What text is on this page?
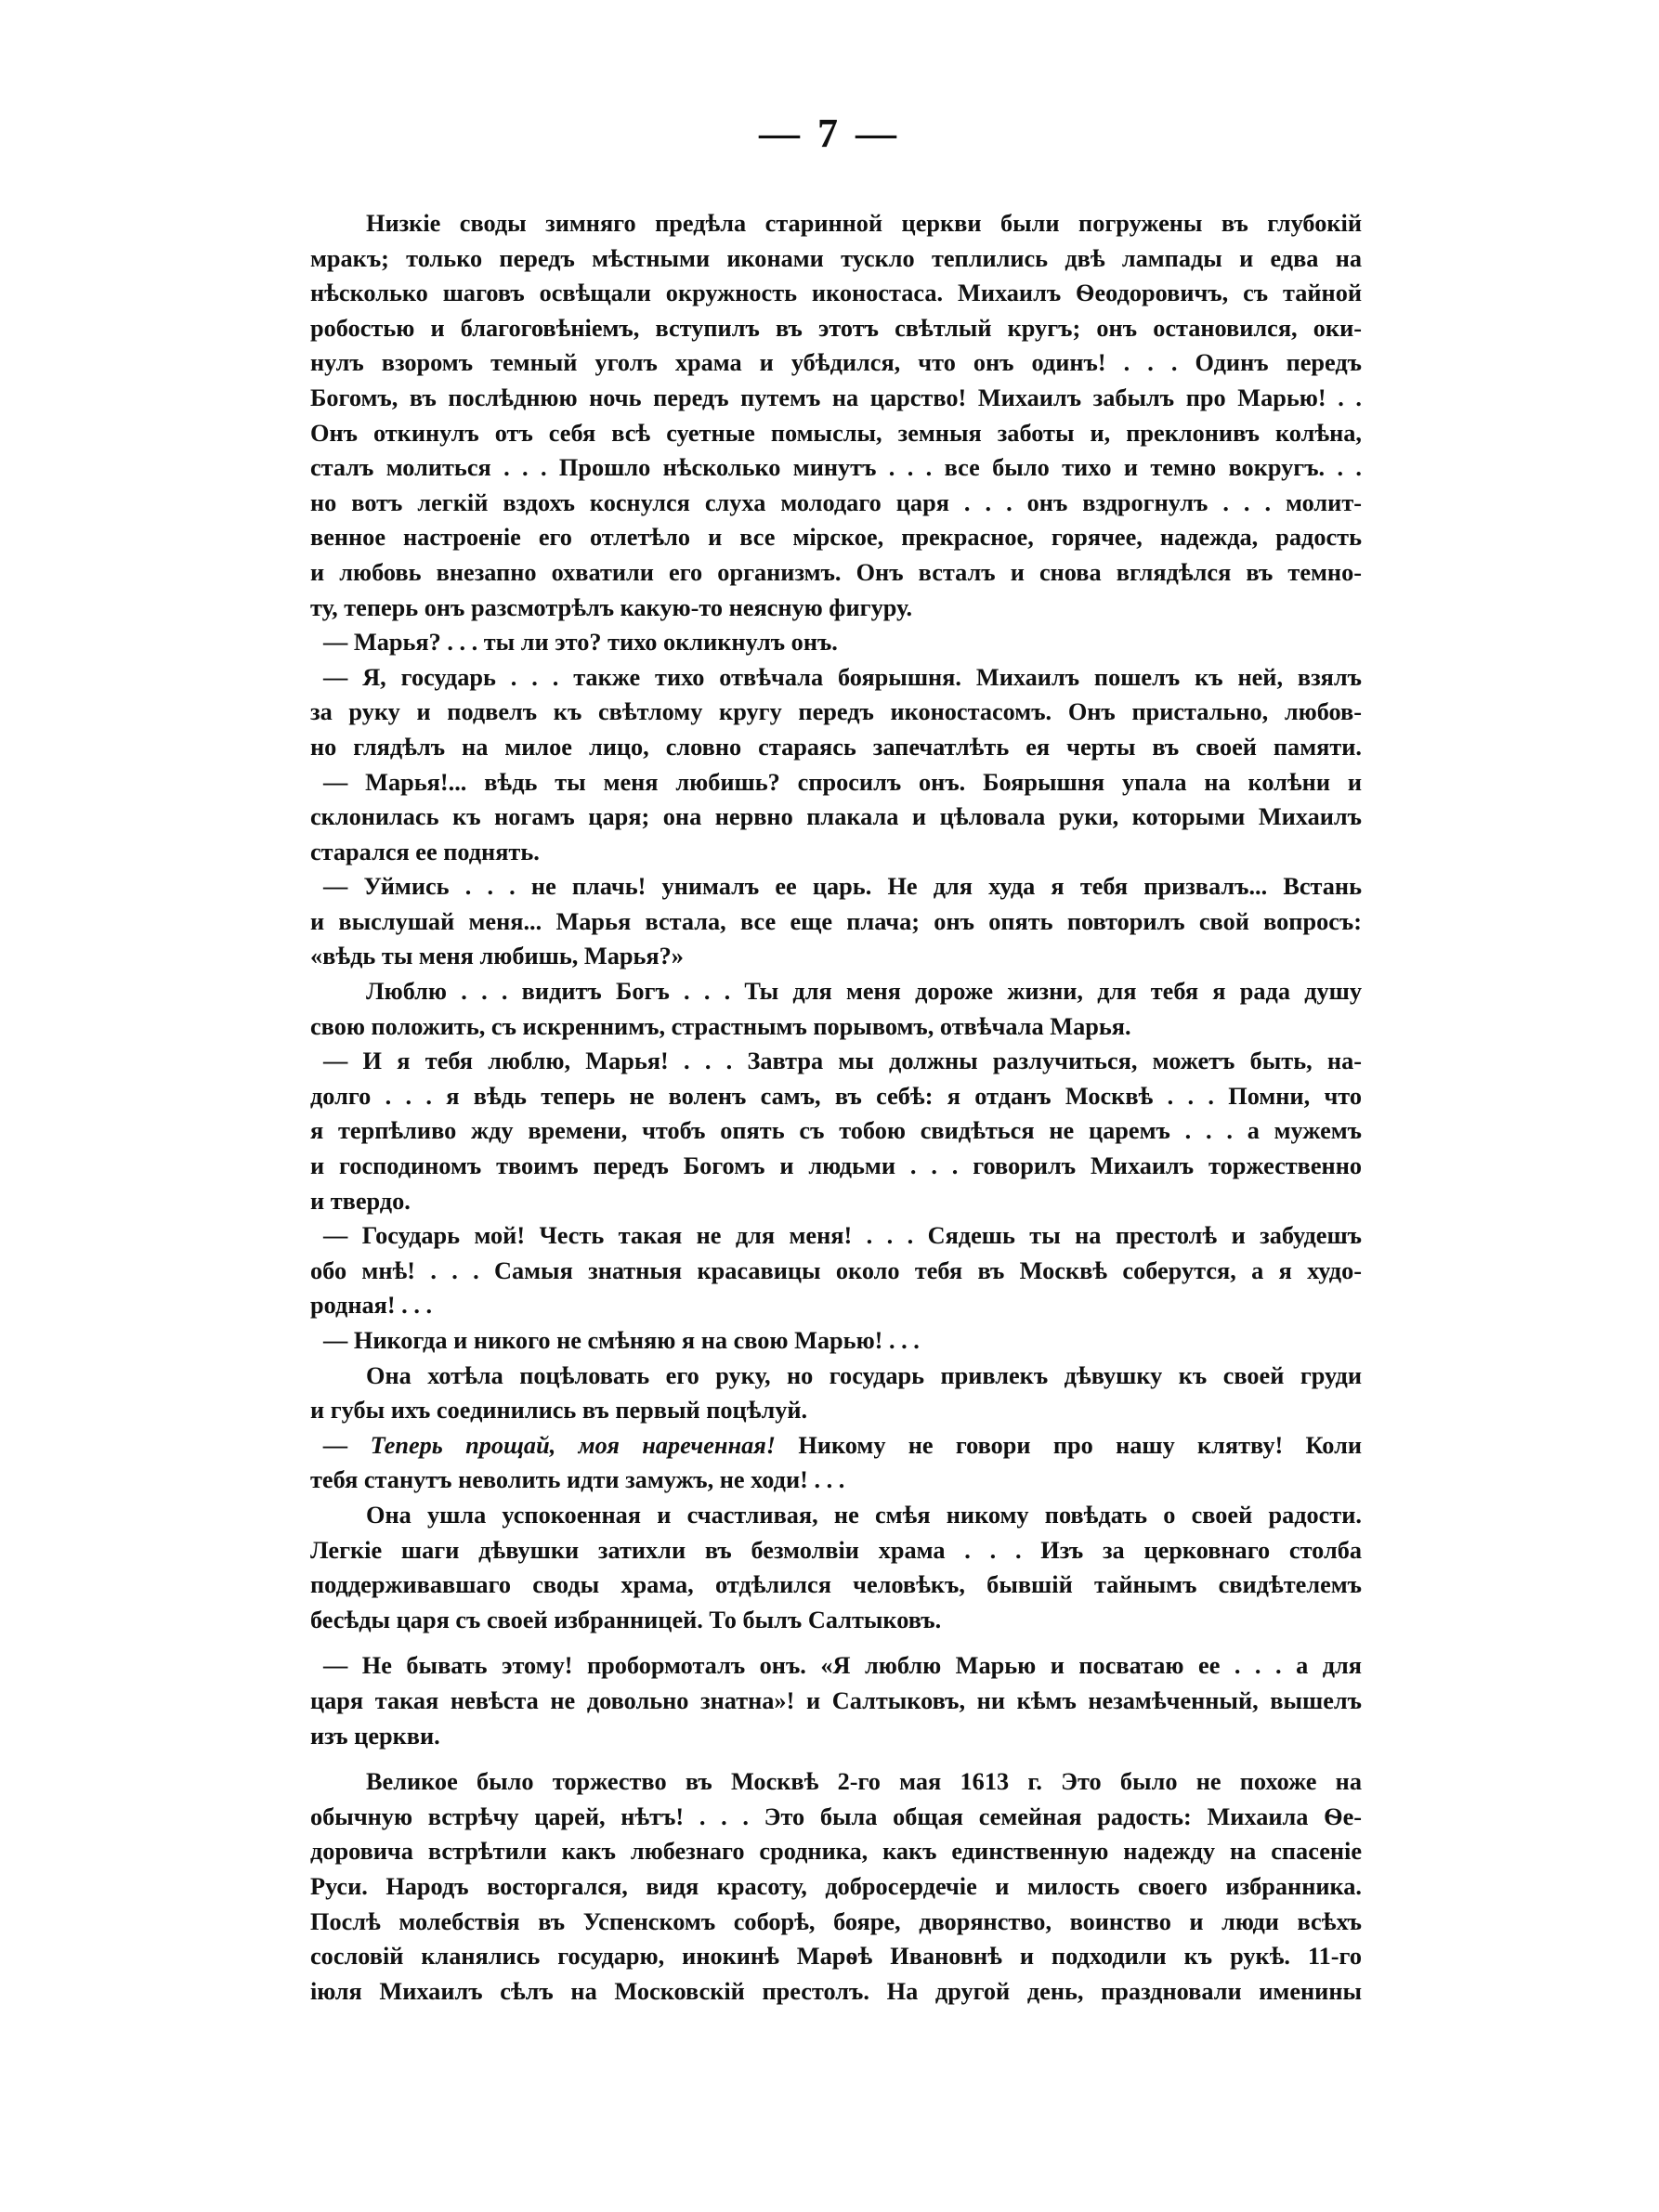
— 7 —
Низкіе своды зимняго предѣла старинной церкви были погружены въ глубокій
мракъ; только передъ мѣстными иконами тускло теплились двѣ лампады и едва на
нѣсколько шаговъ освѣщали окружность иконостаса. Михаилъ Ѳеодоровичъ, съ тайной
робостью и благоговѣніемъ, вступилъ въ этотъ свѣтлый кругъ; онъ остановился, оки-
нулъ взоромъ темный уголъ храма и убѣдился, что онъ одинъ! . . . Одинъ передъ
Богомъ, въ послѣднюю ночь передъ путемъ на царство! Михаилъ забылъ про Марью! . .
Онъ откинулъ отъ себя всѣ суетные помыслы, земныя заботы и, преклонивъ колѣна,
сталъ молиться . . . Прошло нѣсколько минутъ . . . все было тихо и темно вокругъ. . .
но вотъ легкій вздохъ коснулся слуха молодаго царя . . . онъ вздрогнулъ . . . молит-
венное настроеніе его отлетѣло и все мірское, прекрасное, горячее, надежда, радость
и любовь внезапно охватили его организмъ. Онъ всталъ и снова вглядѣлся въ темно-
ту, теперь онъ разсмотрѣлъ какую-то неясную фигуру.
— Марья? . . . ты ли это? тихо окликнулъ онъ.
— Я, государь . . . также тихо отвѣчала боярышня. Михаилъ пошелъ къ ней, взялъ
за руку и подвелъ къ свѣтлому кругу передъ иконостасомъ. Онъ пристально, любов-
но глядѣлъ на милое лицо, словно стараясь запечатлѣть ея черты въ своей памяти.
— Марья!... вѣдь ты меня любишь? спросилъ онъ. Боярышня упала на колѣни и
склонилась къ ногамъ царя; она нервно плакала и цѣловала руки, которыми Михаилъ
старался ее поднять.
— Уймись . . . не плачь! унималъ ее царь. Не для худа я тебя призвалъ... Встань
и выслушай меня... Марья встала, все еще плача; онъ опять повторилъ свой вопросъ:
«вѣдь ты меня любишь, Марья?»
Люблю . . . видитъ Богъ . . . Ты для меня дороже жизни, для тебя я рада душу
свою положить, съ искреннимъ, страстнымъ порывомъ, отвѣчала Марья.
— И я тебя люблю, Марья! . . . Завтра мы должны разлучиться, можетъ быть, на-
долго . . . я вѣдь теперь не воленъ самъ, въ себѣ: я отданъ Москвѣ . . . Помни, что
я терпѣливо жду времени, чтобъ опять съ тобою свидѣться не царемъ . . . а мужемъ
и господиномъ твоимъ передъ Богомъ и людьми . . . говорилъ Михаилъ торжественно
и твердо.
— Государь мой! Честь такая не для меня! . . . Сядешь ты на престолѣ и забудешъ
обо мнѣ! . . . Самыя знатныя красавицы около тебя въ Москвѣ соберутся, а я худо-
родная! . . .
— Никогда и никого не смѣняю я на свою Марью! . . .
Она хотѣла поцѣловать его руку, но государь привлекъ дѣвушку къ своей груди
и губы ихъ соединились въ первый поцѣлуй.
— Теперь прощай, моя нареченная! Никому не говори про нашу клятву! Коли
тебя станутъ неволить идти замужъ, не ходи! . . .
Она ушла успокоенная и счастливая, не смѣя никому повѣдать о своей радости.
Легкіе шаги дѣвушки затихли въ безмолвіи храма . . . Изъ за церковнаго столба
поддерживавшаго своды храма, отдѣлился человѣкъ, бывшій тайнымъ свидѣтелемъ
бесѣды царя съ своей избранницей. То былъ Салтыковъ.
— Не бывать этому! пробормоталъ онъ. «Я люблю Марью и посватаю ее . . . а для
царя такая невѣста не довольно знатна»! и Салтыковъ, ни кѣмъ незамѣченный, вышелъ
изъ церкви.
Великое было торжество въ Москвѣ 2-го мая 1613 г. Это было не похоже на
обычную встрѣчу царей, нѣтъ! . . . Это была общая семейная радость: Михаила Ѳе-
доровича встрѣтили какъ любезнаго сродника, какъ единственную надежду на спасеніе
Руси. Народъ восторгался, видя красоту, добросердечіе и милость своего избранника.
Послѣ молебствія въ Успенскомъ соборѣ, бояре, дворянство, воинство и люди всѣхъ
сословій кланялись государю, инокинѣ Марѳѣ Ивановнѣ и подходили къ рукѣ. 11-го
іюля Михаилъ сѣлъ на Московскій престолъ. На другой день, праздновали именины
